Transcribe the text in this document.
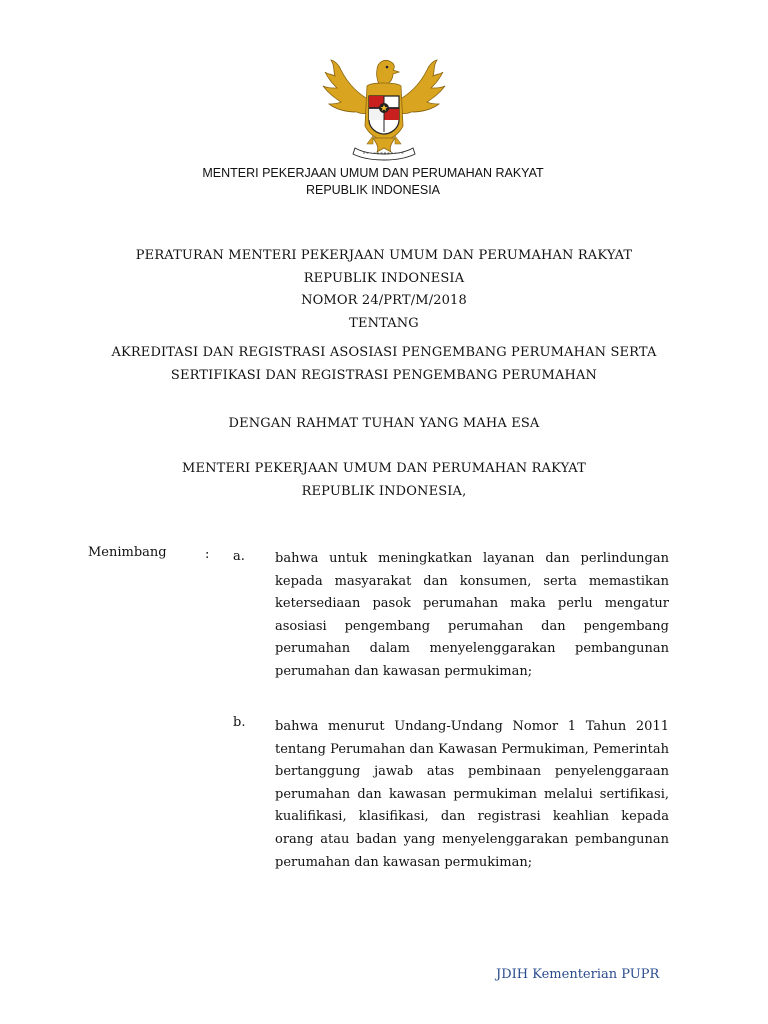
MENTERI PEKERJAAN UMUM DAN PERUMAHAN RAKYAT
REPUBLIK INDONESIA
PERATURAN MENTERI PEKERJAAN UMUM DAN PERUMAHAN RAKYAT
REPUBLIK INDONESIA
NOMOR 24/PRT/M/2018
TENTANG
AKREDITASI DAN REGISTRASI ASOSIASI PENGEMBANG PERUMAHAN SERTA
SERTIFIKASI DAN REGISTRASI PENGEMBANG PERUMAHAN
DENGAN RAHMAT TUHAN YANG MAHA ESA
MENTERI PEKERJAAN UMUM DAN PERUMAHAN RAKYAT
REPUBLIK INDONESIA,
Menimbang	: a. bahwa untuk meningkatkan layanan dan perlindungan kepada masyarakat dan konsumen, serta memastikan ketersediaan pasok perumahan maka perlu mengatur asosiasi pengembang perumahan dan pengembang perumahan dalam menyelenggarakan pembangunan perumahan dan kawasan permukiman;
b. bahwa menurut Undang-Undang Nomor 1 Tahun 2011 tentang Perumahan dan Kawasan Permukiman, Pemerintah bertanggung jawab atas pembinaan penyelenggaraan perumahan dan kawasan permukiman melalui sertifikasi, kualifikasi, klasifikasi, dan registrasi keahlian kepada orang atau badan yang menyelenggarakan pembangunan perumahan dan kawasan permukiman;
JDIH Kementerian PUPR
